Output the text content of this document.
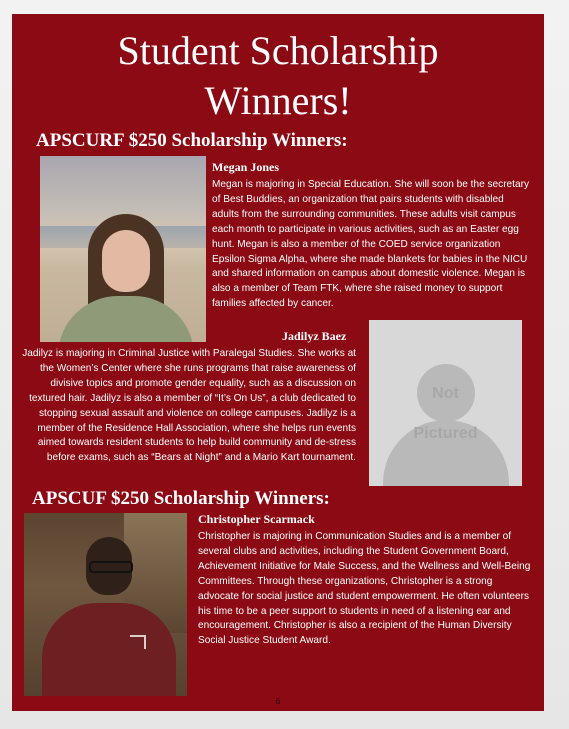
Student Scholarship
Winners!
APSCURF $250 Scholarship Winners:
Megan Jones

Megan is majoring in Special Education. She will soon be the secretary of Best Buddies, an organization that pairs students with disabled adults from the surrounding communities. These adults visit campus each month to participate in various activities, such as an Easter egg hunt. Megan is also a member of the COED service organization Epsilon Sigma Alpha, where she made blankets for babies in the NICU and shared information on campus about domestic violence. Megan is also a member of Team FTK, where she raised money to support families affected by cancer.

Jadilyz Baez

Jadilyz is majoring in Criminal Justice with Paralegal Studies. She works at the Women’s Center where she runs programs that raise awareness of divisive topics and promote gender equality, such as a discussion on textured hair. Jadilyz is also a member of “It’s On Us”, a club dedicated to stopping sexual assault and violence on college campuses. Jadilyz is a member of the Residence Hall Association, where she helps run events aimed towards resident students to help build community and de-stress before exams, such as “Bears at Night” and a Mario Kart tournament.

Not
Pictured
APSCUF $250 Scholarship Winners:
Christopher Scarmack

Christopher is majoring in Communication Studies and is a member of several clubs and activities, including the Student Government Board, Achievement Initiative for Male Success, and the Wellness and Well-Being Committees. Through these organizations, Christopher is a strong advocate for social justice and student empowerment. He often volunteers his time to be a peer support to students in need of a listening ear and encouragement. Christopher is also a recipient of the Human Diversity Social Justice Student Award.

6
